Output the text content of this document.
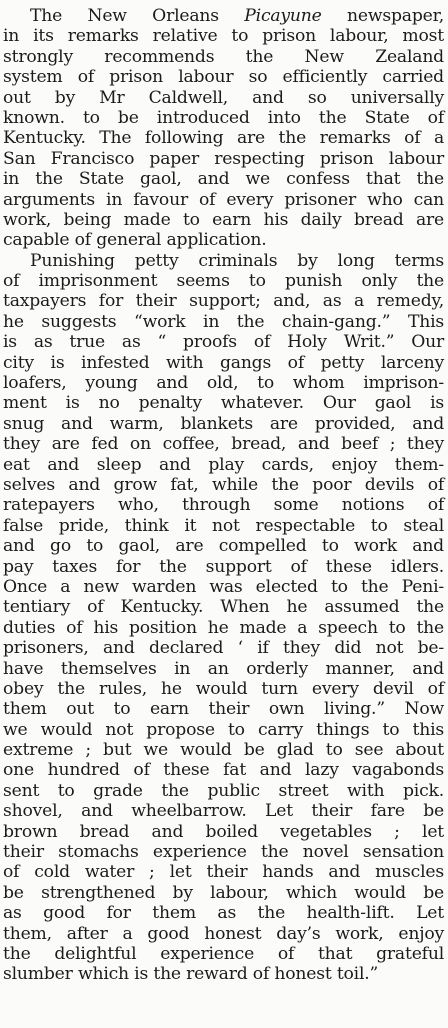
The New Orleans Picayune newspaper,
in its remarks relative to prison labour, most
strongly recommends the New Zealand
system of prison labour so efficiently carried
out by Mr Caldwell, and so universally
known. to be introduced into the State of
Kentucky. The following are the remarks of a
San Francisco paper respecting prison labour
in the State gaol, and we confess that the
arguments in favour of every prisoner who can
work, being made to earn his daily bread are
capable of general application.
Punishing petty criminals by long terms
of imprisonment seems to punish only the
taxpayers for their support; and, as a remedy,
he suggests “work in the chain-gang.” This
is as true as “ proofs of Holy Writ.” Our
city is infested with gangs of petty larceny
loafers, young and old, to whom imprison-
ment is no penalty whatever. Our gaol is
snug and warm, blankets are provided, and
they are fed on coffee, bread, and beef ; they
eat and sleep and play cards, enjoy them-
selves and grow fat, while the poor devils of
ratepayers who, through some notions of
false pride, think it not respectable to steal
and go to gaol, are compelled to work and
pay taxes for the support of these idlers.
Once a new warden was elected to the Peni-
tentiary of Kentucky. When he assumed the
duties of his position he made a speech to the
prisoners, and declared ‘ if they did not be-
have themselves in an orderly manner, and
obey the rules, he would turn every devil of
them out to earn their own living.” Now
we would not propose to carry things to this
extreme ; but we would be glad to see about
one hundred of these fat and lazy vagabonds
sent to grade the public street with pick.
shovel, and wheelbarrow. Let their fare be
brown bread and boiled vegetables ; let
their stomachs experience the novel sensation
of cold water ; let their hands and muscles
be strengthened by labour, which would be
as good for them as the health-lift. Let
them, after a good honest day’s work, enjoy
the delightful experience of that grateful
slumber which is the reward of honest toil.”
